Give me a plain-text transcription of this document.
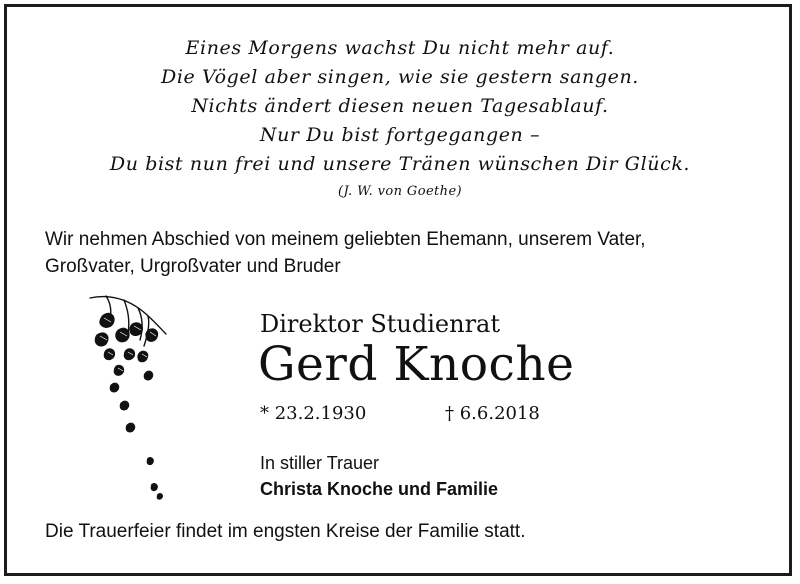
Eines Morgens wachst Du nicht mehr auf.
Die Vögel aber singen, wie sie gestern sangen.
Nichts ändert diesen neuen Tagesablauf.
Nur Du bist fortgegangen –
Du bist nun frei und unsere Tränen wünschen Dir Glück.
(J. W. von Goethe)
Wir nehmen Abschied von meinem geliebten Ehemann, unserem Vater,
Großvater, Urgroßvater und Bruder
Direktor Studienrat
Gerd Knoche
* 23.2.1930	† 6.6.2018
In stiller Trauer
Christa Knoche und Familie
Die Trauerfeier findet im engsten Kreise der Familie statt.
